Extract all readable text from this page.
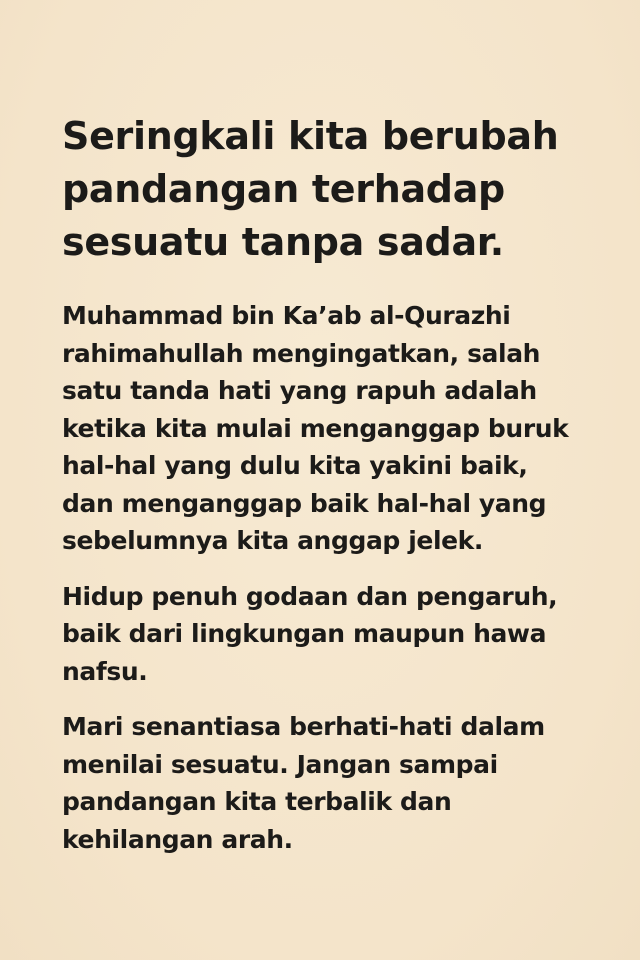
Seringkali kita berubah
pandangan terhadap
sesuatu tanpa sadar.

Muhammad bin Ka’ab al-Qurazhi
rahimahullah mengingatkan, salah
satu tanda hati yang rapuh adalah
ketika kita mulai menganggap buruk
hal-hal yang dulu kita yakini baik,
dan menganggap baik hal-hal yang
sebelumnya kita anggap jelek.

Hidup penuh godaan dan pengaruh,
baik dari lingkungan maupun hawa
nafsu.

Mari senantiasa berhati-hati dalam
menilai sesuatu. Jangan sampai
pandangan kita terbalik dan
kehilangan arah.
